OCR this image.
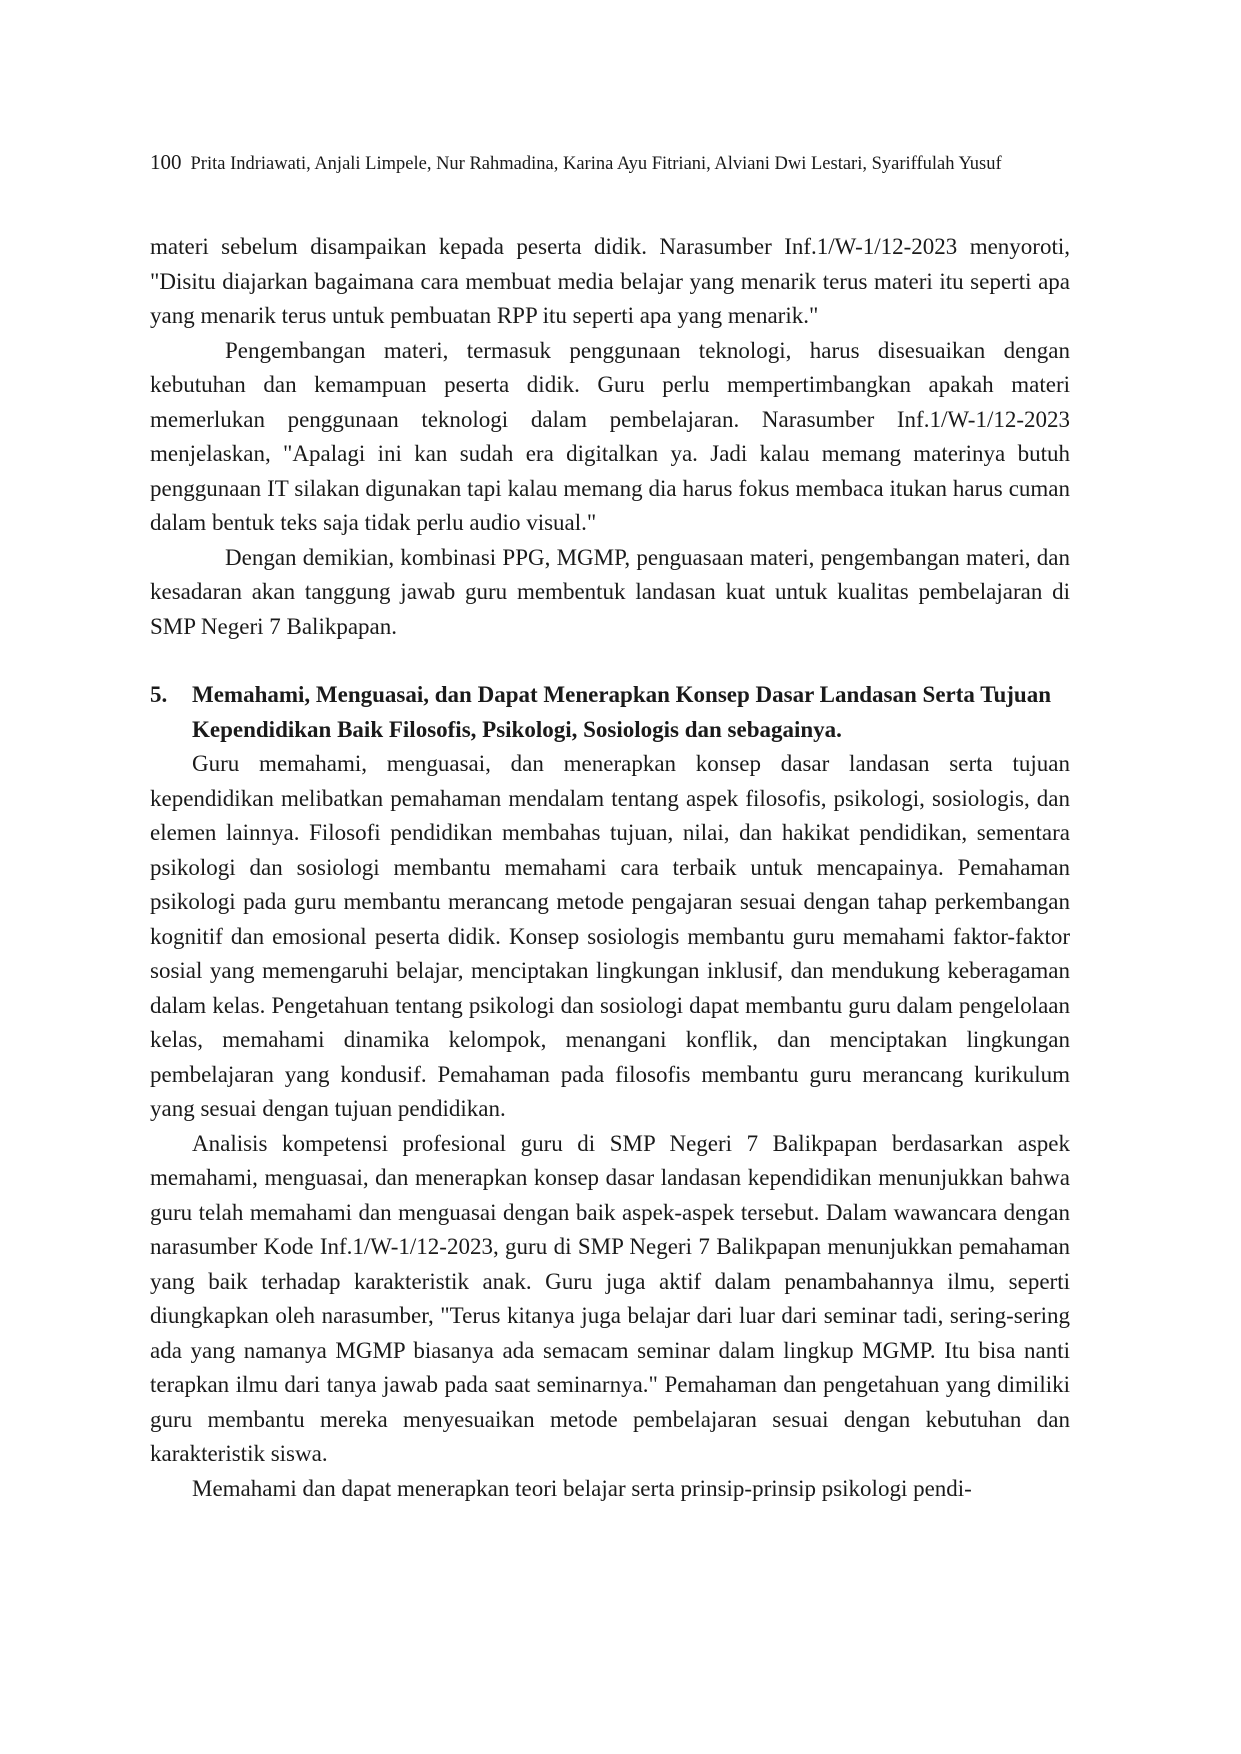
100 Prita Indriawati, Anjali Limpele, Nur Rahmadina, Karina Ayu Fitriani, Alviani Dwi Lestari, Syariffulah Yusuf

materi sebelum disampaikan kepada peserta didik. Narasumber Inf.1/W-1/12-2023 menyoroti, "Disitu diajarkan bagaimana cara membuat media belajar yang menarik terus materi itu seperti apa yang menarik terus untuk pembuatan RPP itu seperti apa yang menarik."

Pengembangan materi, termasuk penggunaan teknologi, harus disesuaikan dengan kebutuhan dan kemampuan peserta didik. Guru perlu mempertimbangkan apakah materi memerlukan penggunaan teknologi dalam pembelajaran. Narasumber Inf.1/W-1/12-2023 menjelaskan, "Apalagi ini kan sudah era digitalkan ya. Jadi kalau memang materinya butuh penggunaan IT silakan digunakan tapi kalau memang dia harus fokus membaca itukan harus cuman dalam bentuk teks saja tidak perlu audio visual."

Dengan demikian, kombinasi PPG, MGMP, penguasaan materi, pengembangan materi, dan kesadaran akan tanggung jawab guru membentuk landasan kuat untuk kualitas pembelajaran di SMP Negeri 7 Balikpapan.

5. Memahami, Menguasai, dan Dapat Menerapkan Konsep Dasar Landasan Serta Tujuan Kependidikan Baik Filosofis, Psikologi, Sosiologis dan sebagainya.

Guru memahami, menguasai, dan menerapkan konsep dasar landasan serta tujuan kependidikan melibatkan pemahaman mendalam tentang aspek filosofis, psikologi, sosiologis, dan elemen lainnya. Filosofi pendidikan membahas tujuan, nilai, dan hakikat pendidikan, sementara psikologi dan sosiologi membantu memahami cara terbaik untuk mencapainya. Pemahaman psikologi pada guru membantu merancang metode pengajaran sesuai dengan tahap perkembangan kognitif dan emosional peserta didik. Konsep sosiologis membantu guru memahami faktor-faktor sosial yang memengaruhi belajar, menciptakan lingkungan inklusif, dan mendukung keberagaman dalam kelas. Pengetahuan tentang psikologi dan sosiologi dapat membantu guru dalam pengelolaan kelas, memahami dinamika kelompok, menangani konflik, dan menciptakan lingkungan pembelajaran yang kondusif. Pemahaman pada filosofis membantu guru merancang kurikulum yang sesuai dengan tujuan pendidikan.

Analisis kompetensi profesional guru di SMP Negeri 7 Balikpapan berdasarkan aspek memahami, menguasai, dan menerapkan konsep dasar landasan kependidikan menunjukkan bahwa guru telah memahami dan menguasai dengan baik aspek-aspek tersebut. Dalam wawancara dengan narasumber Kode Inf.1/W-1/12-2023, guru di SMP Negeri 7 Balikpapan menunjukkan pemahaman yang baik terhadap karakteristik anak. Guru juga aktif dalam penambahannya ilmu, seperti diungkapkan oleh narasumber, "Terus kitanya juga belajar dari luar dari seminar tadi, sering-sering ada yang namanya MGMP biasanya ada semacam seminar dalam lingkup MGMP. Itu bisa nanti terapkan ilmu dari tanya jawab pada saat seminarnya." Pemahaman dan pengetahuan yang dimiliki guru membantu mereka menyesuaikan metode pembelajaran sesuai dengan kebutuhan dan karakteristik siswa.

Memahami dan dapat menerapkan teori belajar serta prinsip-prinsip psikologi pendi-
